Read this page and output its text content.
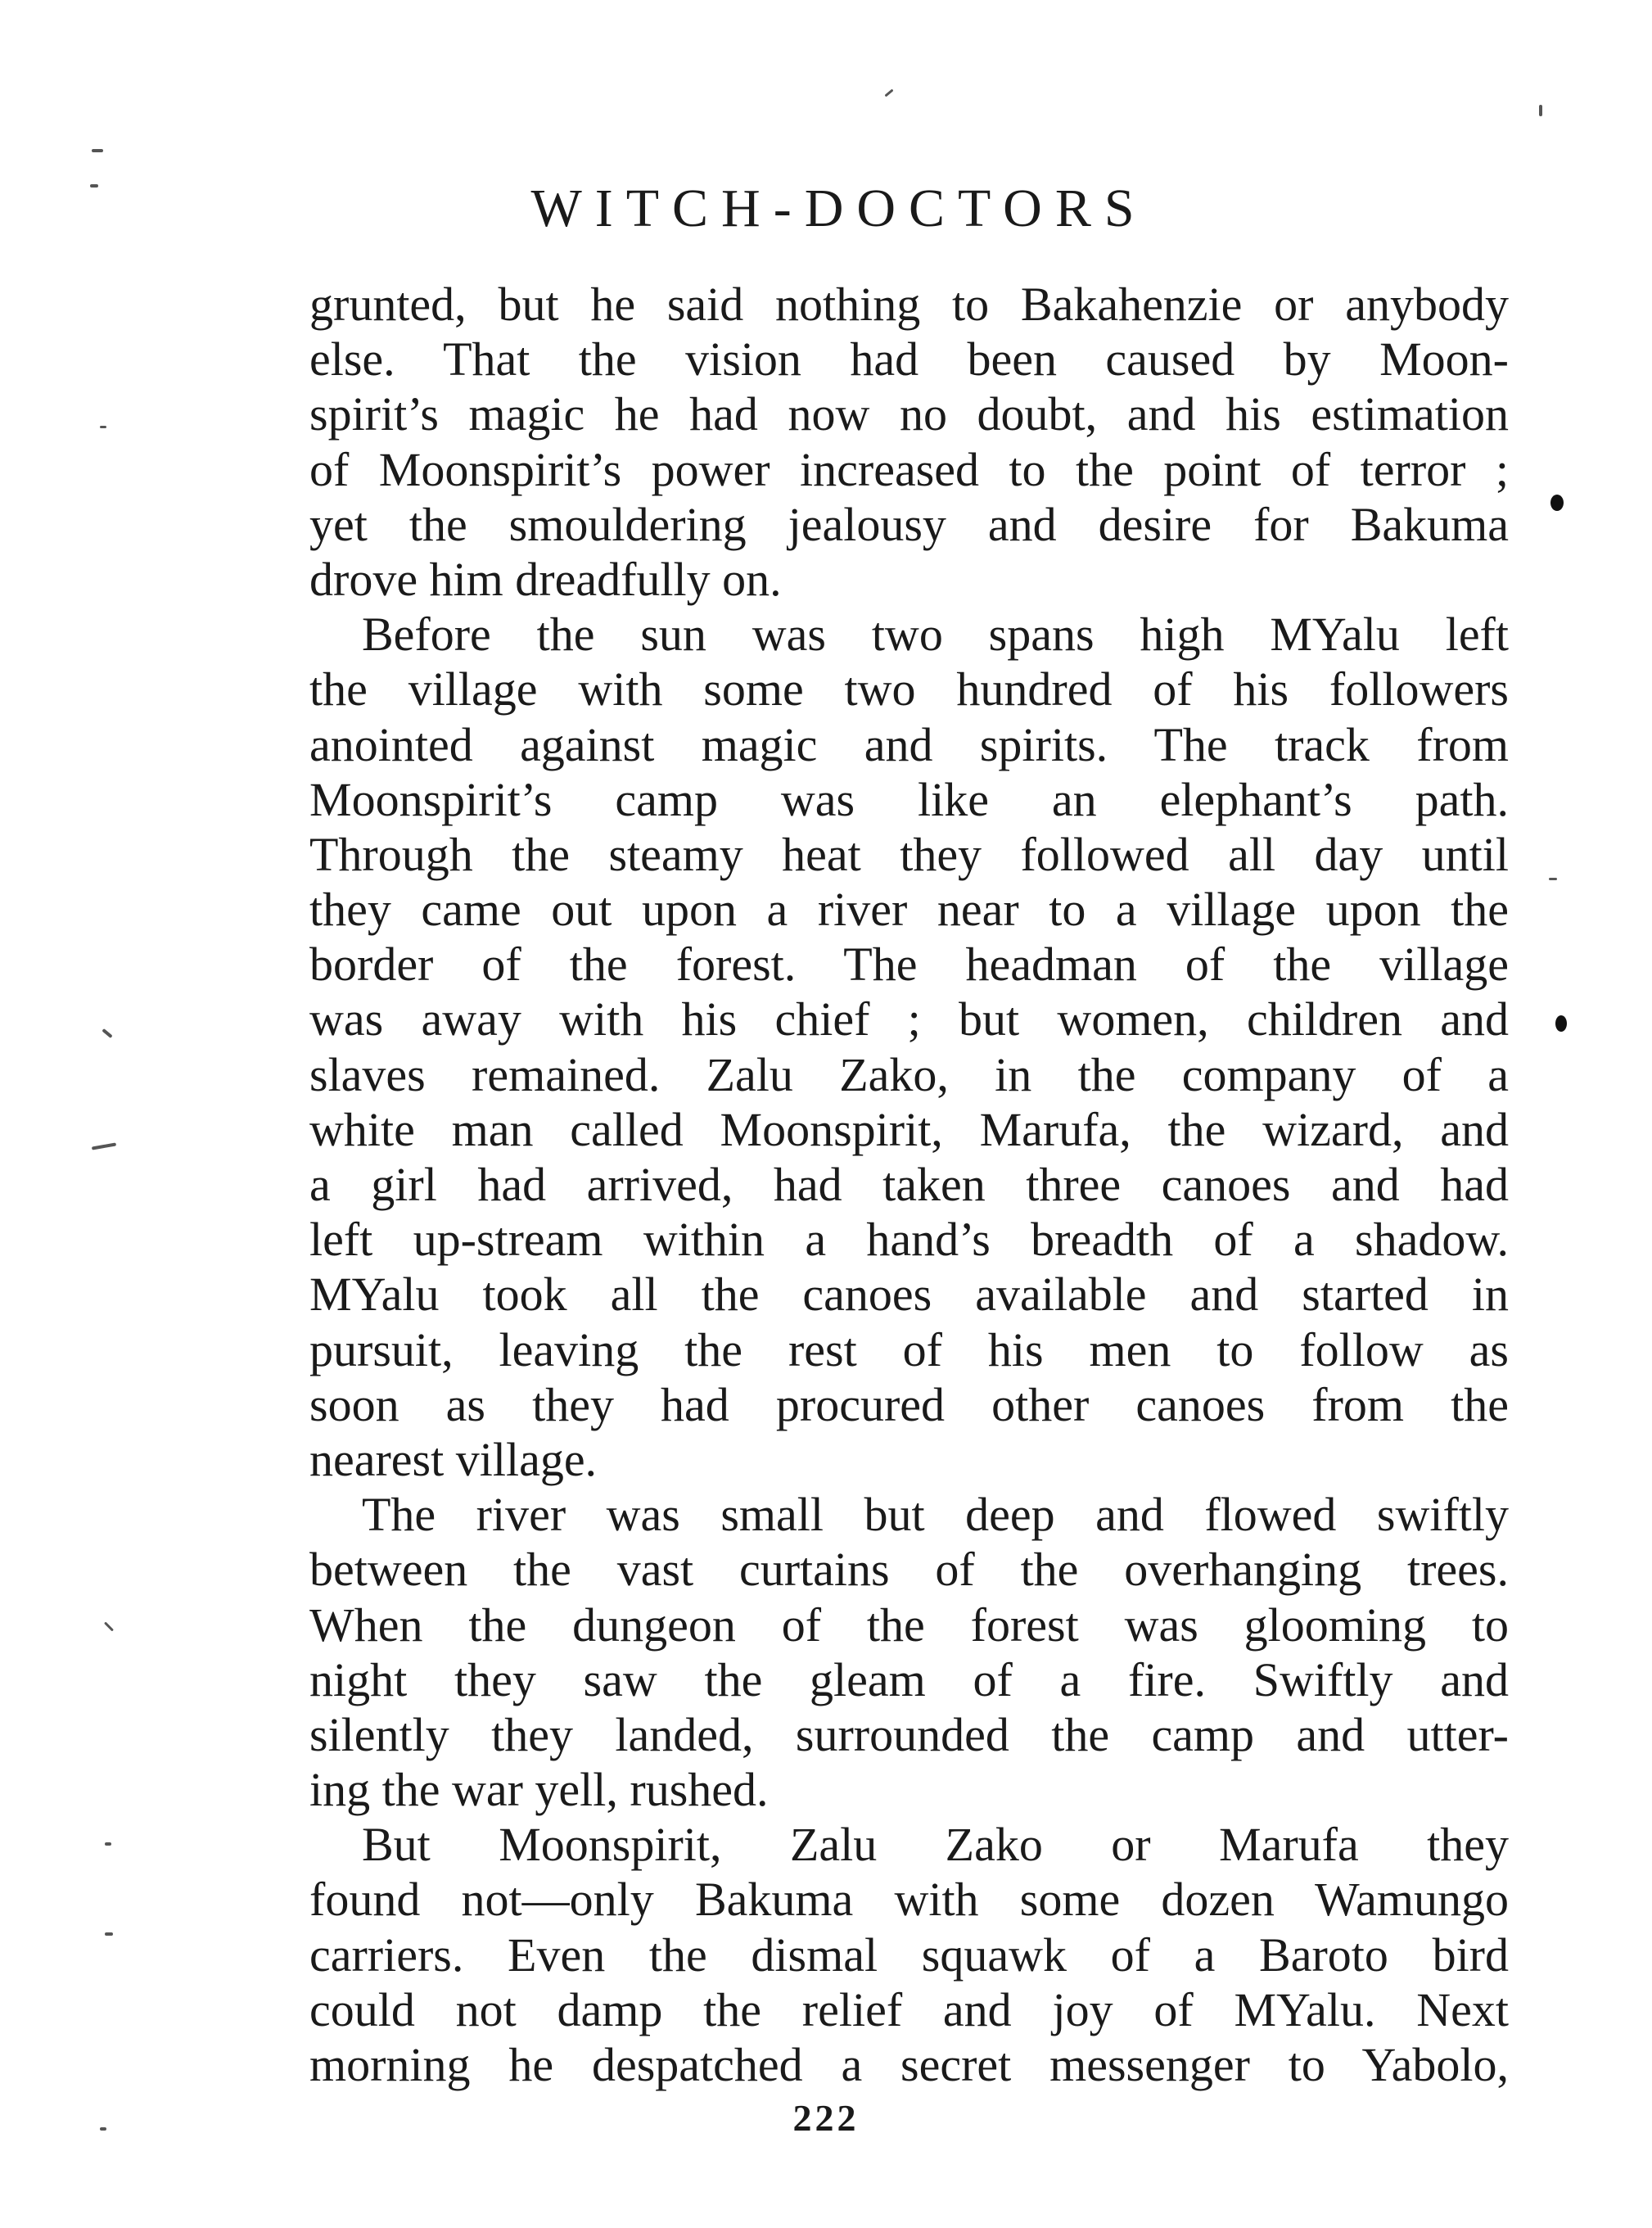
WITCH-DOCTORS
grunted, but he said nothing to Bakahenzie or anybody
else. That the vision had been caused by Moon-
spirit’s magic he had now no doubt, and his estimation
of Moonspirit’s power increased to the point of terror ;
yet the smouldering jealousy and desire for Bakuma
drove him dreadfully on.
Before the sun was two spans high MYalu left
the village with some two hundred of his followers
anointed against magic and spirits. The track from
Moonspirit’s camp was like an elephant’s path.
Through the steamy heat they followed all day until
they came out upon a river near to a village upon the
border of the forest. The headman of the village
was away with his chief ; but women, children and
slaves remained. Zalu Zako, in the company of a
white man called Moonspirit, Marufa, the wizard, and
a girl had arrived, had taken three canoes and had
left up-stream within a hand’s breadth of a shadow.
MYalu took all the canoes available and started in
pursuit, leaving the rest of his men to follow as
soon as they had procured other canoes from the
nearest village.
The river was small but deep and flowed swiftly
between the vast curtains of the overhanging trees.
When the dungeon of the forest was glooming to
night they saw the gleam of a fire. Swiftly and
silently they landed, surrounded the camp and utter-
ing the war yell, rushed.
But Moonspirit, Zalu Zako or Marufa they
found not—only Bakuma with some dozen Wamungo
carriers. Even the dismal squawk of a Baroto bird
could not damp the relief and joy of MYalu. Next
morning he despatched a secret messenger to Yabolo,
222
